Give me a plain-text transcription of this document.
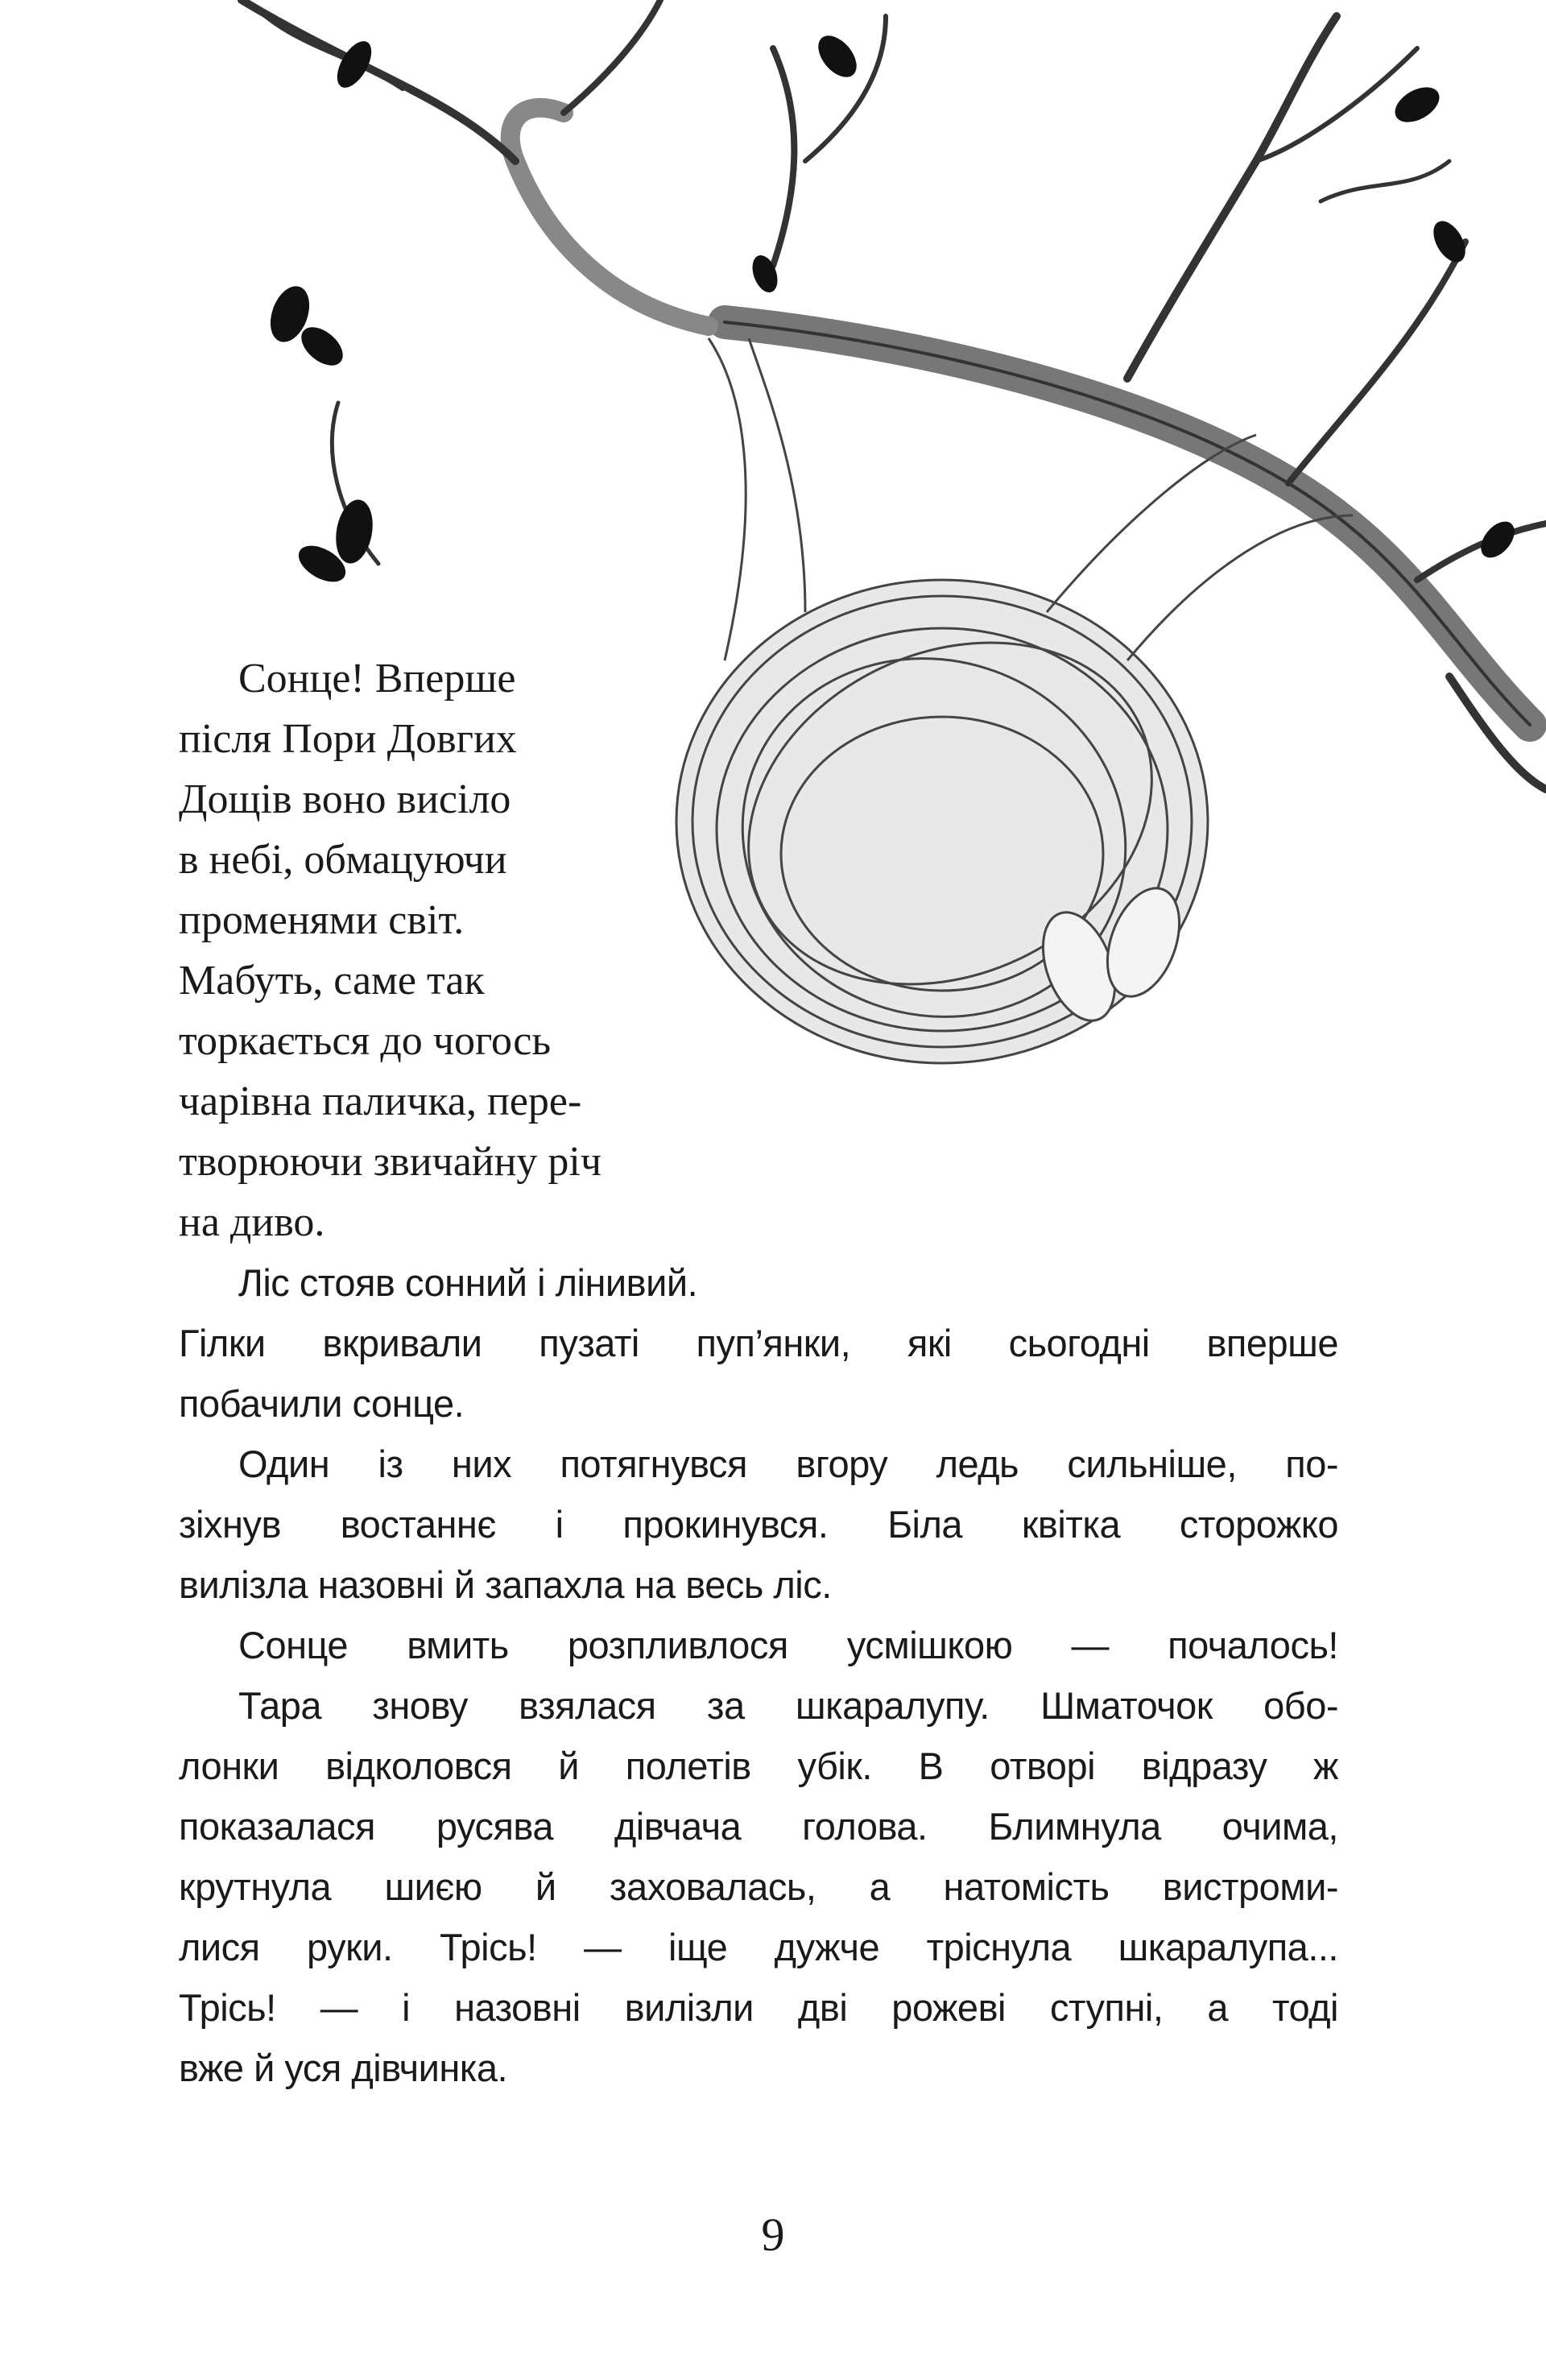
Сонце! Вперше
після Пори Довгих
Дощів воно висіло
в небі, обмацуючи
променями світ.
Мабуть, саме так
торкається до чогось
чарівна паличка, пере-
творюючи звичайну річ
на диво.
Ліс стояв сонний і лінивий.
Гілки вкривали пузаті пуп’янки, які сьогодні вперше
побачили сонце.
Один із них потягнувся вгору ледь сильніше, по-
зіхнув востаннє і прокинувся. Біла квітка сторожко
вилізла назовні й запахла на весь ліс.
Сонце вмить розпливлося усмішкою — почалось!
Тара знову взялася за шкаралупу. Шматочок обо-
лонки відколовся й полетів убік. В отворі відразу ж
показалася русява дівчача голова. Блимнула очима,
крутнула шиєю й заховалась, а натомість вистроми-
лися руки. Трісь! — іще дужче тріснула шкаралупа...
Трісь! — і назовні вилізли дві рожеві ступні, а тоді
вже й уся дівчинка.
9
